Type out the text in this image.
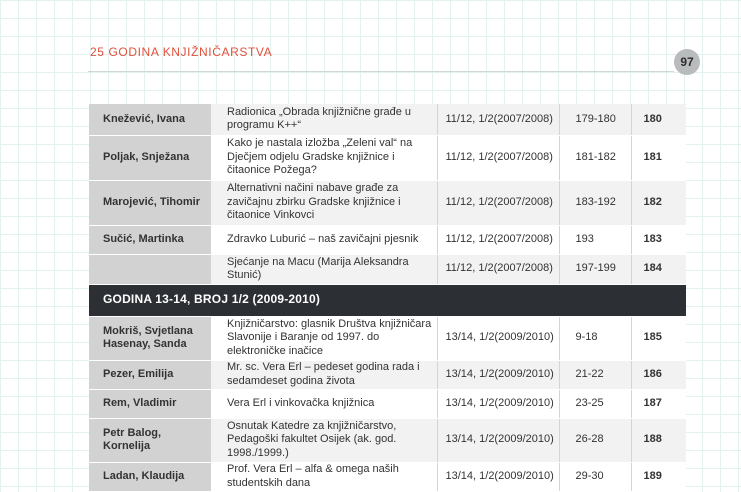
25 GODINA KNJIŽNIČARSTVA
97
Knežević, Ivana	Radionica „Obrada knjižnične građe u programu K++“	11/12, 1/2(2007/2008)	179-180	180
Poljak, Snježana	Kako je nastala izložba „Zeleni val“ na Dječjem odjelu Gradske knjižnice i čitaonice Požega?	11/12, 1/2(2007/2008)	181-182	181
Marojević, Tihomir	Alternativni načini nabave građe za zavičajnu zbirku Gradske knjižnice i čitaonice Vinkovci	11/12, 1/2(2007/2008)	183-192	182
Sučić, Martinka	Zdravko Luburić – naš zavičajni pjesnik	11/12, 1/2(2007/2008)	193	183
	Sjećanje na Macu (Marija Aleksandra Stunić)	11/12, 1/2(2007/2008)	197-199	184
GODINA 13-14, BROJ 1/2 (2009-2010)				
Mokriš, Svjetlana Hasenay, Sanda	Knjižničarstvo: glasnik Društva knjižničara Slavonije i Baranje od 1997. do elektroničke inačice	13/14, 1/2(2009/2010)	9-18	185
Pezer, Emilija	Mr. sc. Vera Erl – pedeset godina rada i sedamdeset godina života	13/14, 1/2(2009/2010)	21-22	186
Rem, Vladimir	Vera Erl i vinkovačka knjižnica	13/14, 1/2(2009/2010)	23-25	187
Petr Balog, Kornelija	Osnutak Katedre za knjižničarstvo, Pedagoški fakultet Osijek (ak. god. 1998./1999.)	13/14, 1/2(2009/2010)	26-28	188
Ladan, Klaudija	Prof. Vera Erl – alfa & omega naših studentskih dana	13/14, 1/2(2009/2010)	29-30	189
